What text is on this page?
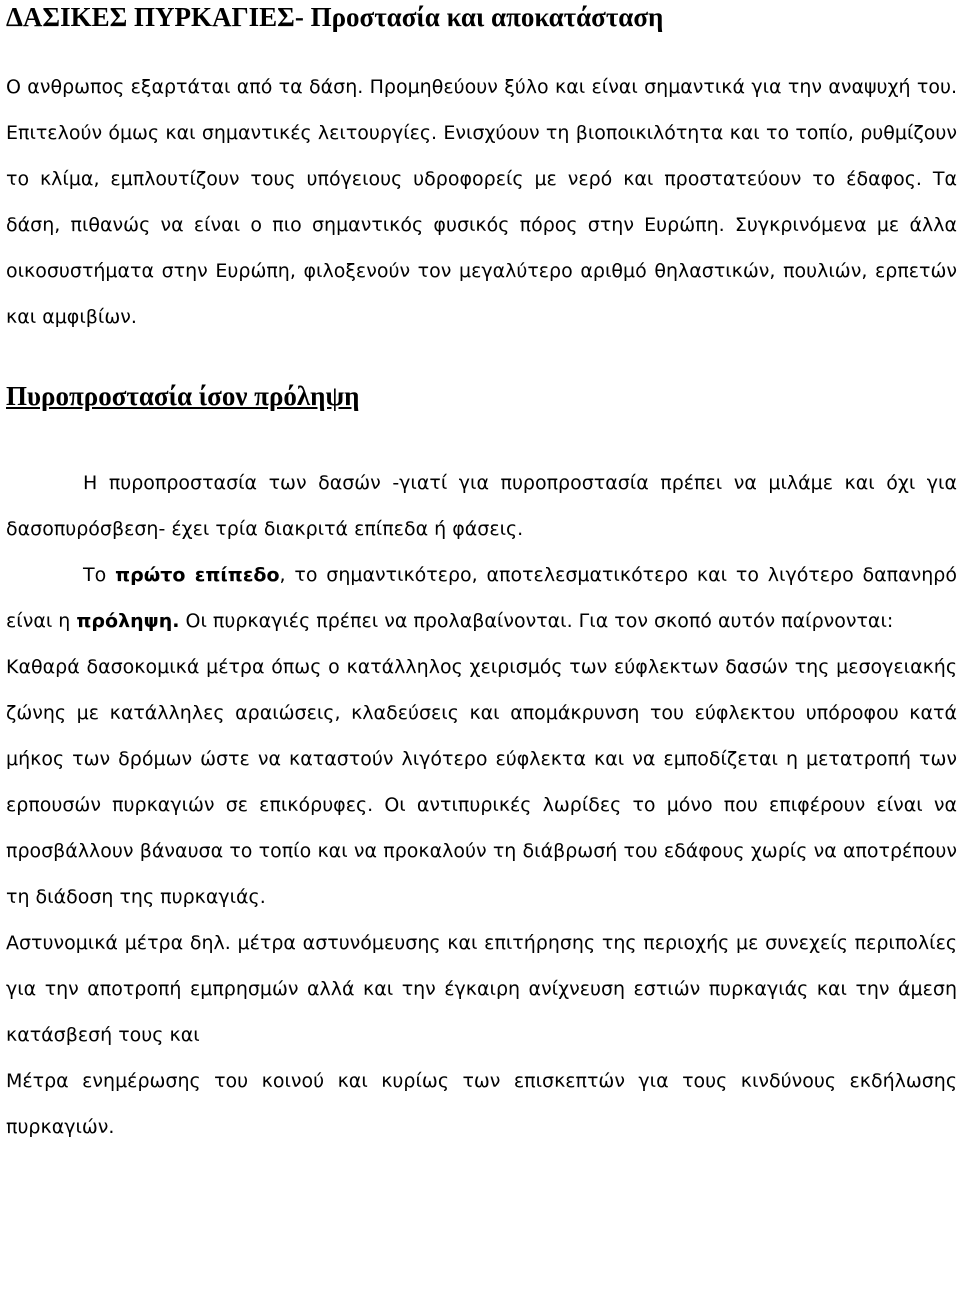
ΔΑΣΙΚΕΣ ΠΥΡΚΑΓΙΕΣ- Προστασία και αποκατάσταση

Ο ανθρωπος εξαρτάται από τα δάση. Προμηθεύουν ξύλο και είναι σημαντικά για την αναψυχή του. Επιτελούν όμως και σημαντικές λειτουργίες. Ενισχύουν τη βιοποικιλότητα και το τοπίο, ρυθμίζουν το κλίμα, εμπλουτίζουν τους υπόγειους υδροφορείς με νερό και προστατεύουν το έδαφος. Τα δάση, πιθανώς να είναι ο πιο σημαντικός φυσικός πόρος στην Ευρώπη. Συγκρινόμενα με άλλα οικοσυστήματα στην Ευρώπη, φιλοξενούν τον μεγαλύτερο αριθμό θηλαστικών, πουλιών, ερπετών και αμφιβίων.

Πυροπροστασία ίσον πρόληψη

Η πυροπροστασία των δασών -γιατί για πυροπροστασία πρέπει να μιλάμε και όχι για δασοπυρόσβεση- έχει τρία διακριτά επίπεδα ή φάσεις.

Το πρώτο επίπεδο, το σημαντικότερο, αποτελεσματικότερο και το λιγότερο δαπανηρό είναι η πρόληψη. Οι πυρκαγιές πρέπει να προλαβαίνονται. Για τον σκοπό αυτόν παίρνονται:

Καθαρά δασοκομικά μέτρα όπως ο κατάλληλος χειρισμός των εύφλεκτων δασών της μεσογειακής ζώνης με κατάλληλες αραιώσεις, κλαδεύσεις και απομάκρυνση του εύφλεκτου υπόροφου κατά μήκος των δρόμων ώστε να καταστούν λιγότερο εύφλεκτα και να εμποδίζεται η μετατροπή των ερπουσών πυρκαγιών σε επικόρυφες. Οι αντιπυρικές λωρίδες το μόνο που επιφέρουν είναι να προσβάλλουν βάναυσα το τοπίο και να προκαλούν τη διάβρωσή του εδάφους χωρίς να αποτρέπουν τη διάδοση της πυρκαγιάς.

Αστυνομικά μέτρα δηλ. μέτρα αστυνόμευσης και επιτήρησης της περιοχής με συνεχείς περιπολίες για την αποτροπή εμπρησμών αλλά και την έγκαιρη ανίχνευση εστιών πυρκαγιάς και την άμεση κατάσβεσή τους και

Μέτρα ενημέρωσης του κοινού και κυρίως των επισκεπτών για τους κινδύνους εκδήλωσης πυρκαγιών.
